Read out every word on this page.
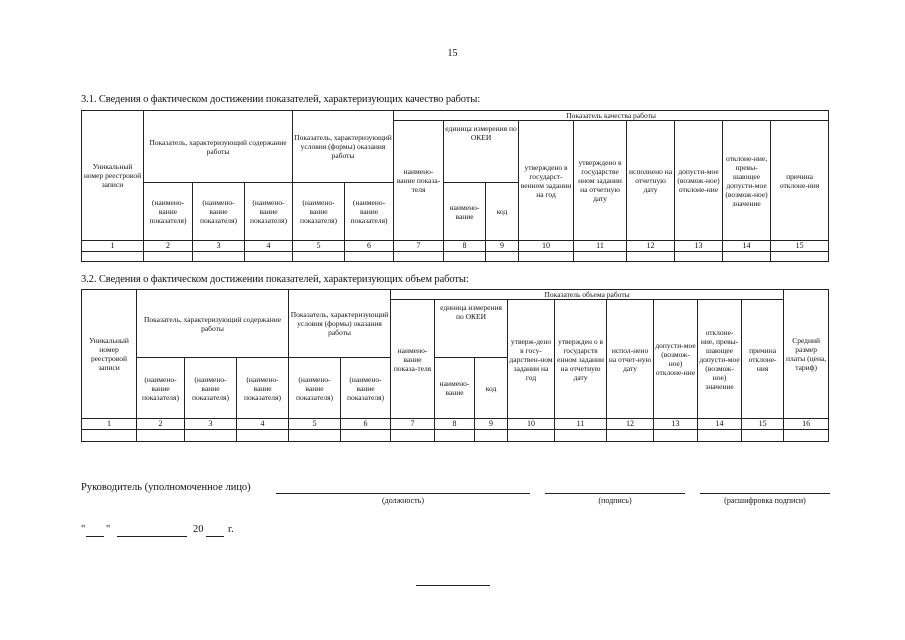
15
3.1. Сведения о фактическом достижении показателей, характеризующих качество работы:
Уникальный номер реестровой записи	Показатель, характеризующий содержание работы			Показатель, характеризующий условия (формы) оказания работы		Показатель качества работы								
						наимено-вание показа-теля	единица измерения по ОКЕИ		утверждено в государст-венном задании на год	утверждено в государстве нном задании на отчетную дату	исполнено на отчетную дату	допусти-мое (возмож-ное) отклоне-ние	отклоне-ние, превы-шающее допусти-мое (возмож-ное) значение	причина отклоне-ния
	(наимено-вание показателя)	(наимено-вание показателя)	(наимено-вание показателя)	(наимено-вание показателя)	(наимено-вание показателя)		наимено-вание	код						
1	2	3	4	5	6	7	8	9	10	11	12	13	14	15

3.2. Сведения о фактическом достижении показателей, характеризующих объем работы:
Уникальный номер реестровой записи	Показатель, характеризующий содержание работы			Показатель, характеризующий условия (формы) оказания работы		Показатель объема работы									Средний размер платы (цена, тариф)
						наимено-вание показа-теля	единица измерения по ОКЕИ		утверж-дено в госу-дарствен-ном задании на год	утвержден о в государств енном задании на отчетную дату	испол-нено на отчет-ную дату	допусти-мое (возмож-ное) отклоне-ние	отклоне-ние, превы-шающее допусти-мое (возмож-ное) значение	причина отклоне-ния	
	(наимено-вание показателя)	(наимено-вание показателя)	(наимено-вание показателя)	(наимено-вание показателя)	(наимено-вание показателя)		наимено-вание	код							
1	2	3	4	5	6	7	8	9	10	11	12	13	14	15	16

Руководитель (уполномоченное лицо)
(должность)	(подпись)	(расшифровка подписи)
" "	20 г.
